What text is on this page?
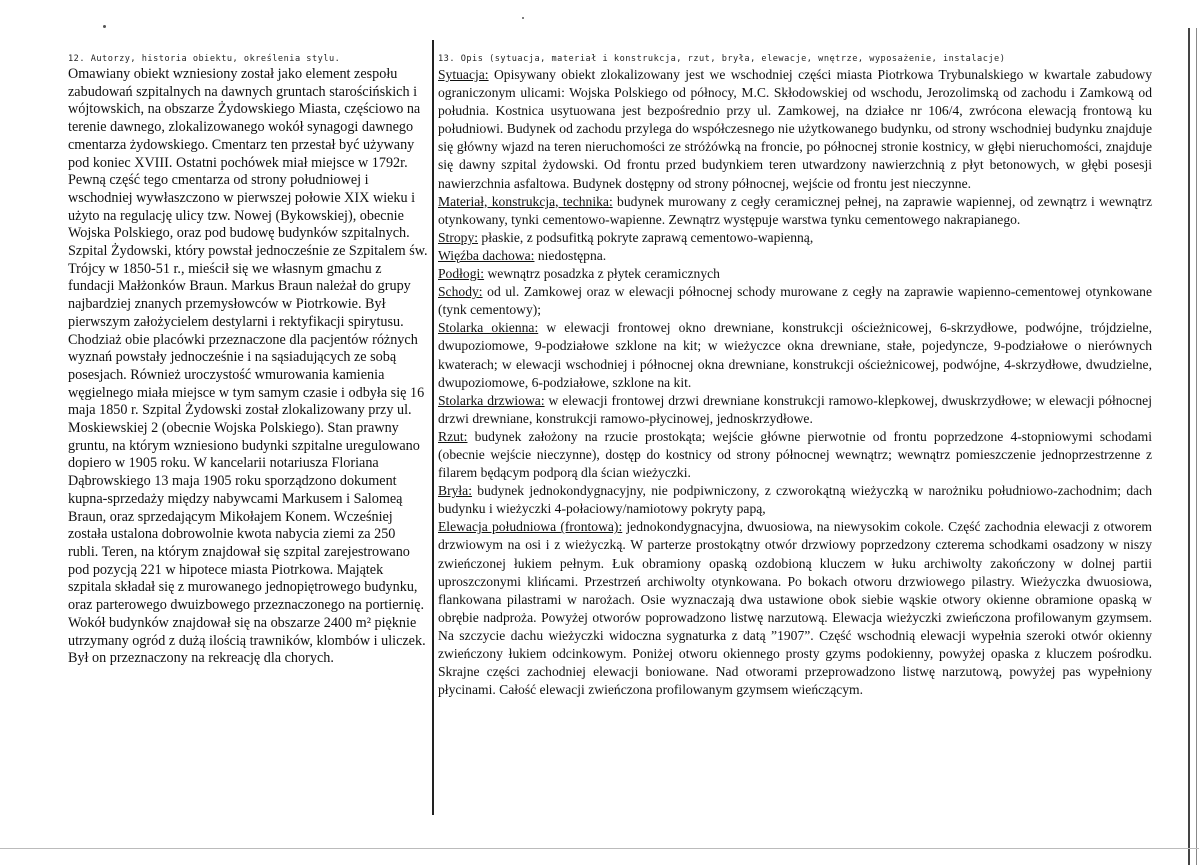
12. Autorzy, historia obiektu, określenia stylu.
Omawiany obiekt wzniesiony został jako element zespołu zabudowań szpitalnych na dawnych gruntach starościńskich i wójtowskich, na obszarze Żydowskiego Miasta, częściowo na terenie dawnego, zlokalizowanego wokół synagogi dawnego cmentarza żydowskiego. Cmentarz ten przestał być używany pod koniec XVIII. Ostatni pochówek miał miejsce w 1792r. Pewną część tego cmentarza od strony południowej i wschodniej wywłaszczono w pierwszej połowie XIX wieku i użyto na regulację ulicy tzw. Nowej (Bykowskiej), obecnie Wojska Polskiego, oraz pod budowę budynków szpitalnych. Szpital Żydowski, który powstał jednocześnie ze Szpitalem św. Trójcy w 1850-51 r., mieścił się we własnym gmachu z fundacji Małżonków Braun. Markus Braun należał do grupy najbardziej znanych przemysłowców w Piotrkowie. Był pierwszym założycielem destylarni i rektyfikacji spirytusu. Chodziaż obie placówki przeznaczone dla pacjentów różnych wyznań powstały jednocześnie i na sąsiadujących ze sobą posesjach. Również uroczystość wmurowania kamienia węgielnego miała miejsce w tym samym czasie i odbyła się 16 maja 1850 r. Szpital Żydowski został zlokalizowany przy ul. Moskiewskiej 2 (obecnie Wojska Polskiego). Stan prawny gruntu, na którym wzniesiono budynki szpitalne uregulowano dopiero w 1905 roku. W kancelarii notariusza Floriana Dąbrowskiego 13 maja 1905 roku sporządzono dokument kupna-sprzedaży między nabywcami Markusem i Salomeą Braun, oraz sprzedającym Mikołajem Konem. Wcześniej została ustalona dobrowolnie kwota nabycia ziemi za 250 rubli. Teren, na którym znajdował się szpital zarejestrowano pod pozycją 221 w hipotece miasta Piotrkowa. Majątek szpitala składał się z murowanego jednopiętrowego budynku, oraz parterowego dwuizbowego przeznaczonego na portiernię. Wokół budynków znajdował się na obszarze 2400 m² pięknie utrzymany ogród z dużą ilością trawników, klombów i uliczek. Był on przeznaczony na rekreację dla chorych.
13. Opis (sytuacja, materiał i konstrukcja, rzut, bryła, elewacje, wnętrze, wyposażenie, instalacje)

Sytuacja: Opisywany obiekt zlokalizowany jest we wschodniej części miasta Piotrkowa Trybunalskiego w kwartale zabudowy ograniczonym ulicami: Wojska Polskiego od północy, M.C. Skłodowskiej od wschodu, Jerozolimską od zachodu i Zamkową od południa. Kostnica usytuowana jest bezpośrednio przy ul. Zamkowej, na działce nr 106/4, zwrócona elewacją frontową ku południowi. Budynek od zachodu przylega do współczesnego nie użytkowanego budynku, od strony wschodniej budynku znajduje się główny wjazd na teren nieruchomości ze stróżówką na froncie, po północnej stronie kostnicy, w głębi nieruchomości, znajduje się dawny szpital żydowski. Od frontu przed budynkiem teren utwardzony nawierzchnią z płyt betonowych, w głębi posesji nawierzchnia asfaltowa. Budynek dostępny od strony północnej, wejście od frontu jest nieczynne.

Materiał, konstrukcja, technika: budynek murowany z cegły ceramicznej pełnej, na zaprawie wapiennej, od zewnątrz i wewnątrz otynkowany, tynki cementowo-wapienne. Zewnątrz występuje warstwa tynku cementowego nakrapianego.

Stropy: płaskie, z podsufitką pokryte zaprawą cementowo-wapienną,

Więźba dachowa: niedostępna.

Podłogi: wewnątrz posadzka z płytek ceramicznych

Schody: od ul. Zamkowej oraz w elewacji północnej schody murowane z cegły na zaprawie wapienno-cementowej otynkowane (tynk cementowy);

Stolarka okienna: w elewacji frontowej okno drewniane, konstrukcji ościeżnicowej, 6-skrzydłowe, podwójne, trójdzielne, dwupoziomowe, 9-podziałowe szklone na kit; w wieżyczce okna drewniane, stałe, pojedyncze, 9-podziałowe o nierównych kwaterach; w elewacji wschodniej i północnej okna drewniane, konstrukcji ościeżnicowej, podwójne, 4-skrzydłowe, dwudzielne, dwupoziomowe, 6-podziałowe, szklone na kit.

Stolarka drzwiowa: w elewacji frontowej drzwi drewniane konstrukcji ramowo-klepkowej, dwuskrzydłowe; w elewacji północnej drzwi drewniane, konstrukcji ramowo-płycinowej, jednoskrzydłowe.

Rzut: budynek założony na rzucie prostokąta; wejście główne pierwotnie od frontu poprzedzone 4-stopniowymi schodami (obecnie wejście nieczynne), dostęp do kostnicy od strony północnej wewnątrz; wewnątrz pomieszczenie jednoprzestrzenne z filarem będącym podporą dla ścian wieżyczki.

Bryła: budynek jednokondygnacyjny, nie podpiwniczony, z czworokątną wieżyczką w narożniku południowo-zachodnim; dach budynku i wieżyczki 4-połaciowy/namiotowy pokryty papą,

Elewacja południowa (frontowa): jednokondygnacyjna, dwuosiowa, na niewysokim cokole. Część zachodnia elewacji z otworem drzwiowym na osi i z wieżyczką. W parterze prostokątny otwór drzwiowy poprzedzony czterema schodkami osadzony w niszy zwieńczonej łukiem pełnym. Łuk obramiony opaską ozdobioną kluczem w łuku archiwolty zakończony w dolnej partii uproszczonymi klińcami. Przestrzeń archiwolty otynkowana. Po bokach otworu drzwiowego pilastry. Wieżyczka dwuosiowa, flankowana pilastrami w narożach. Osie wyznaczają dwa ustawione obok siebie wąskie otwory okienne obramione opaską w obrębie nadproża. Powyżej otworów poprowadzono listwę narzutową. Elewacja wieżyczki zwieńczona profilowanym gzymsem. Na szczycie dachu wieżyczki widoczna sygnaturka z datą ”1907”. Część wschodnią elewacji wypełnia szeroki otwór okienny zwieńczony łukiem odcinkowym. Poniżej otworu okiennego prosty gzyms podokienny, powyżej opaska z kluczem pośrodku. Skrajne części zachodniej elewacji boniowane. Nad otworami przeprowadzono listwę narzutową, powyżej pas wypełniony płycinami. Całość elewacji zwieńczona profilowanym gzymsem wieńczącym.
